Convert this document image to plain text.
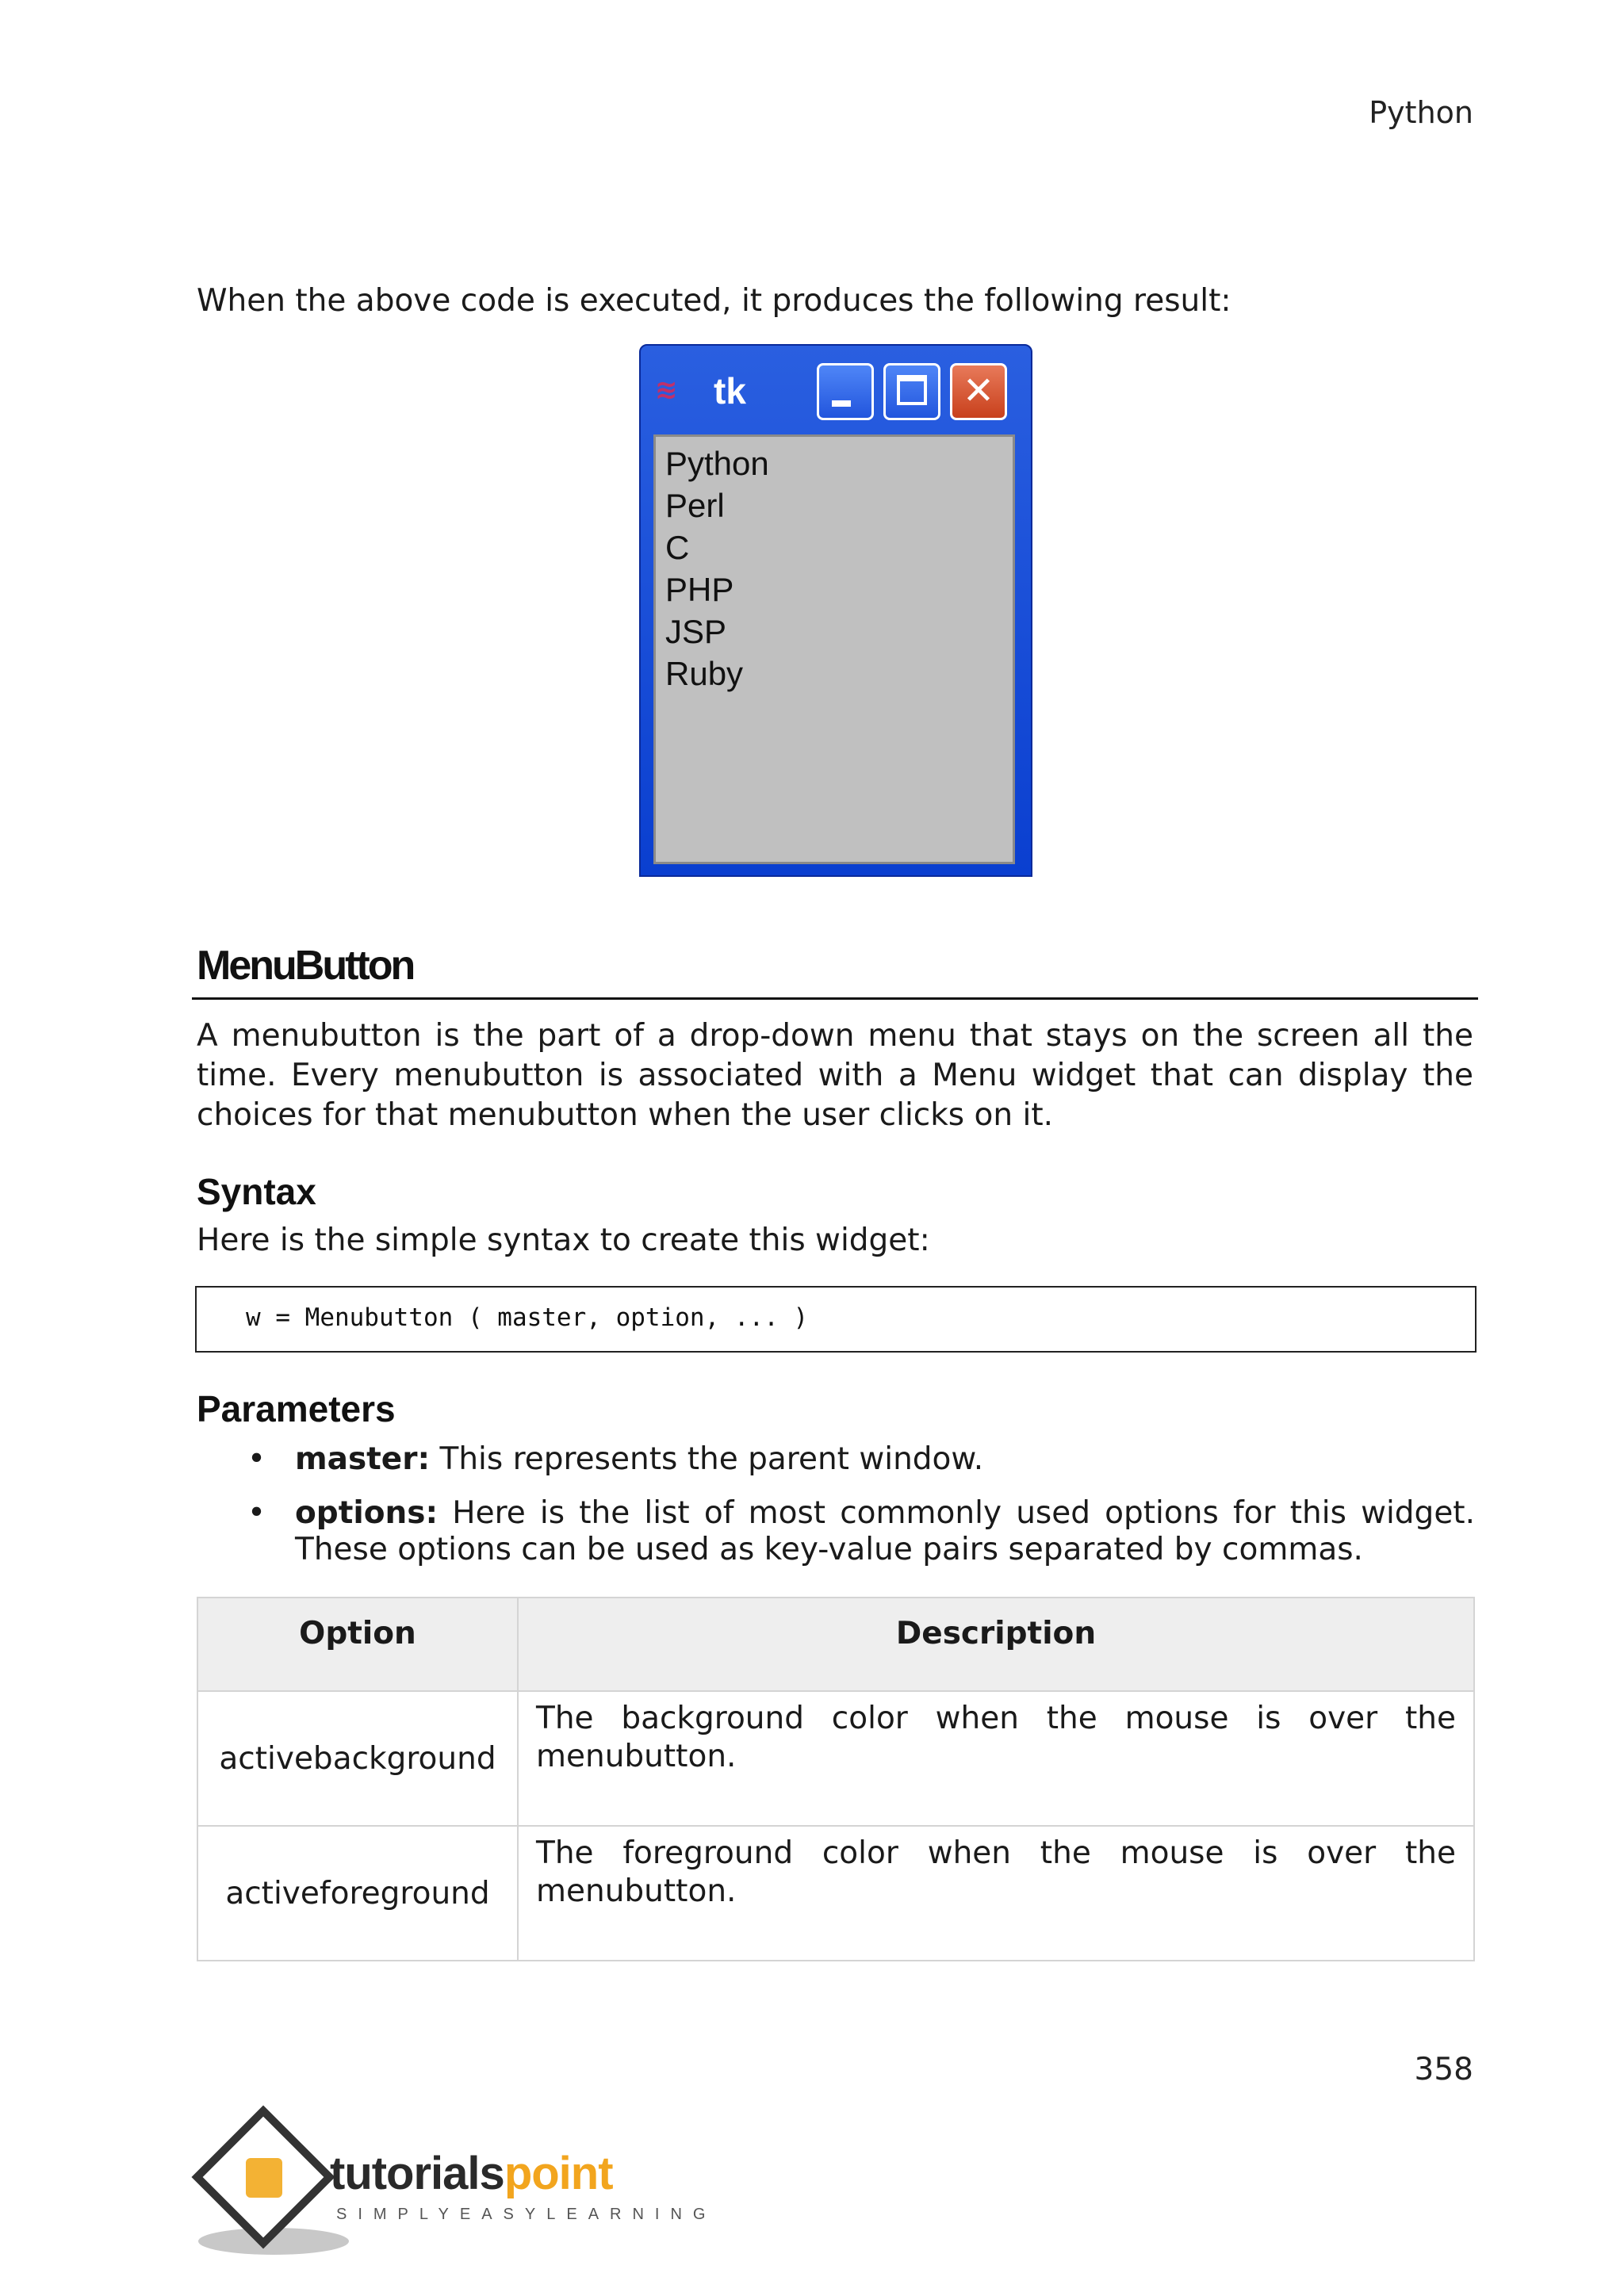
Python
When the above code is executed, it produces the following result:
≋ tk	✕
Python
Perl
C
PHP
JSP
Ruby
MenuButton
A menubutton is the part of a drop-down menu that stays on the screen all the time. Every menubutton is associated with a Menu widget that can display the choices for that menubutton when the user clicks on it.
Syntax
Here is the simple syntax to create this widget:
w = Menubutton ( master, option, ... )
Parameters
• master: This represents the parent window.
• options: Here is the list of most commonly used options for this widget. These options can be used as key-value pairs separated by commas.
Option	Description
activebackground	The background color when the mouse is over the menubutton.
activeforeground	The foreground color when the mouse is over the menubutton.
358
tutorialspoint
SIMPLYEASYLEARNING
